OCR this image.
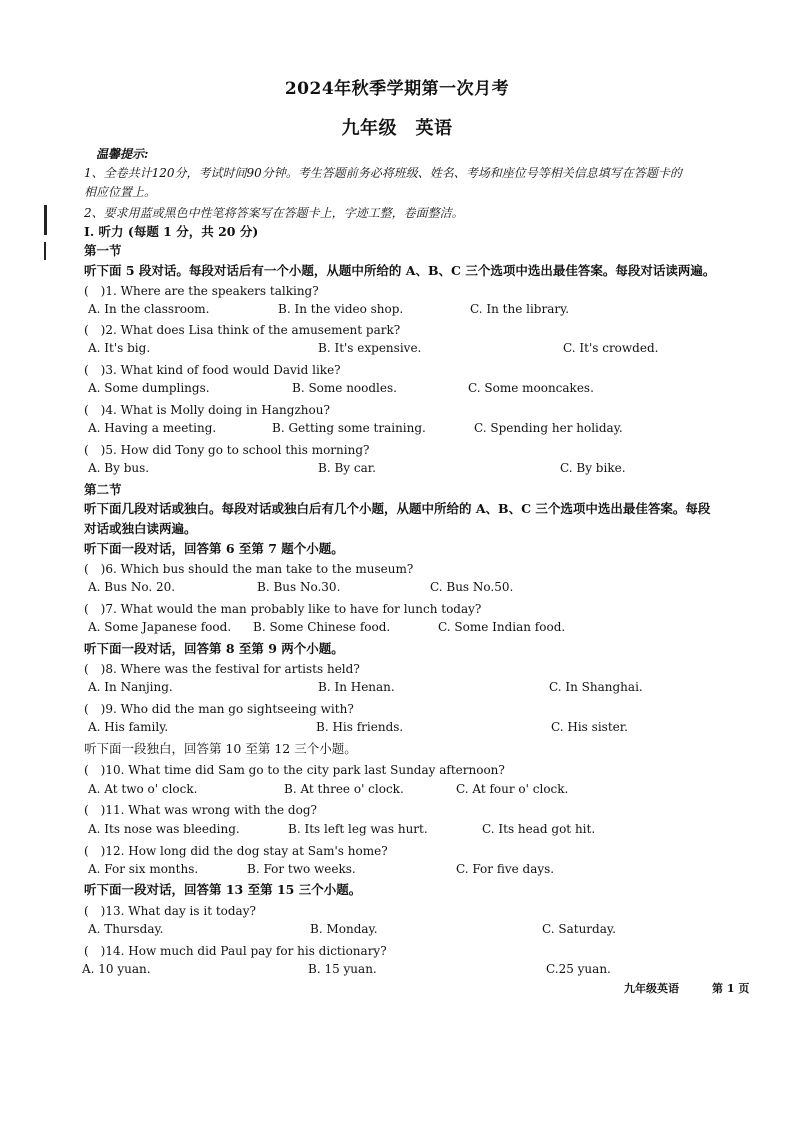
2024年秋季学期第一次月考
九年级　英语
温馨提示:
1、全卷共计120分，考试时间90分钟。考生答题前务必将班级、姓名、考场和座位号等相关信息填写在答题卡的
相应位置上。
2、要求用蓝或黑色中性笔将答案写在答题卡上，字迹工整，卷面整洁。
I. 听力 (每题 1 分，共 20 分)
第一节
听下面 5 段对话。每段对话后有一个小题，从题中所给的 A、B、C 三个选项中选出最佳答案。每段对话读两遍。
(　)1. Where are the speakers talking?
A. In the classroom.	B. In the video shop.	C. In the library.
(　)2. What does Lisa think of the amusement park?
A. It's big.	B. It's expensive.	C. It's crowded.
(　)3. What kind of food would David like?
A. Some dumplings.	B. Some noodles.	C. Some mooncakes.
(　)4. What is Molly doing in Hangzhou?
A. Having a meeting.	B. Getting some training.	C. Spending her holiday.
(　)5. How did Tony go to school this morning?
A. By bus.	B. By car.	C. By bike.
(　)6. Which bus should the man take to the museum?
A. Bus No. 20.	B. Bus No.30.	C. Bus No.50.
(　)7. What would the man probably like to have for lunch today?
A. Some Japanese food. B. Some Chinese food.	C. Some Indian food.
(　)8. Where was the festival for artists held?
A. In Nanjing.	B. In Henan.	C. In Shanghai.
(　)9. Who did the man go sightseeing with?
A. His family.	B. His friends.	C. His sister.
(　)10. What time did Sam go to the city park last Sunday afternoon?
A. At two o' clock.	B. At three o' clock.	C. At four o' clock.
(　)11. What was wrong with the dog?
A. Its nose was bleeding.	B. Its left leg was hurt.	C. Its head got hit.
(　)12. How long did the dog stay at Sam's home?
A. For six months.	B. For two weeks.	C. For five days.
(　)13. What day is it today?
A. Thursday.	B. Monday.	C. Saturday.
(　)14. How much did Paul pay for his dictionary?
A. 10 yuan.	B. 15 yuan.	C.25 yuan.
第二节
听下面几段对话或独白。每段对话或独白后有几个小题，从题中所给的 A、B、C 三个选项中选出最佳答案。每段
对话或独白读两遍。
听下面一段对话，回答第 6 至第 7 题个小题。
听下面一段对话，回答第 8 至第 9 两个小题。
听下面一段独白，回答第 10 至第 12 三个小题。
听下面一段对话，回答第 13 至第 15 三个小题。
九年级英语	第 1 页
